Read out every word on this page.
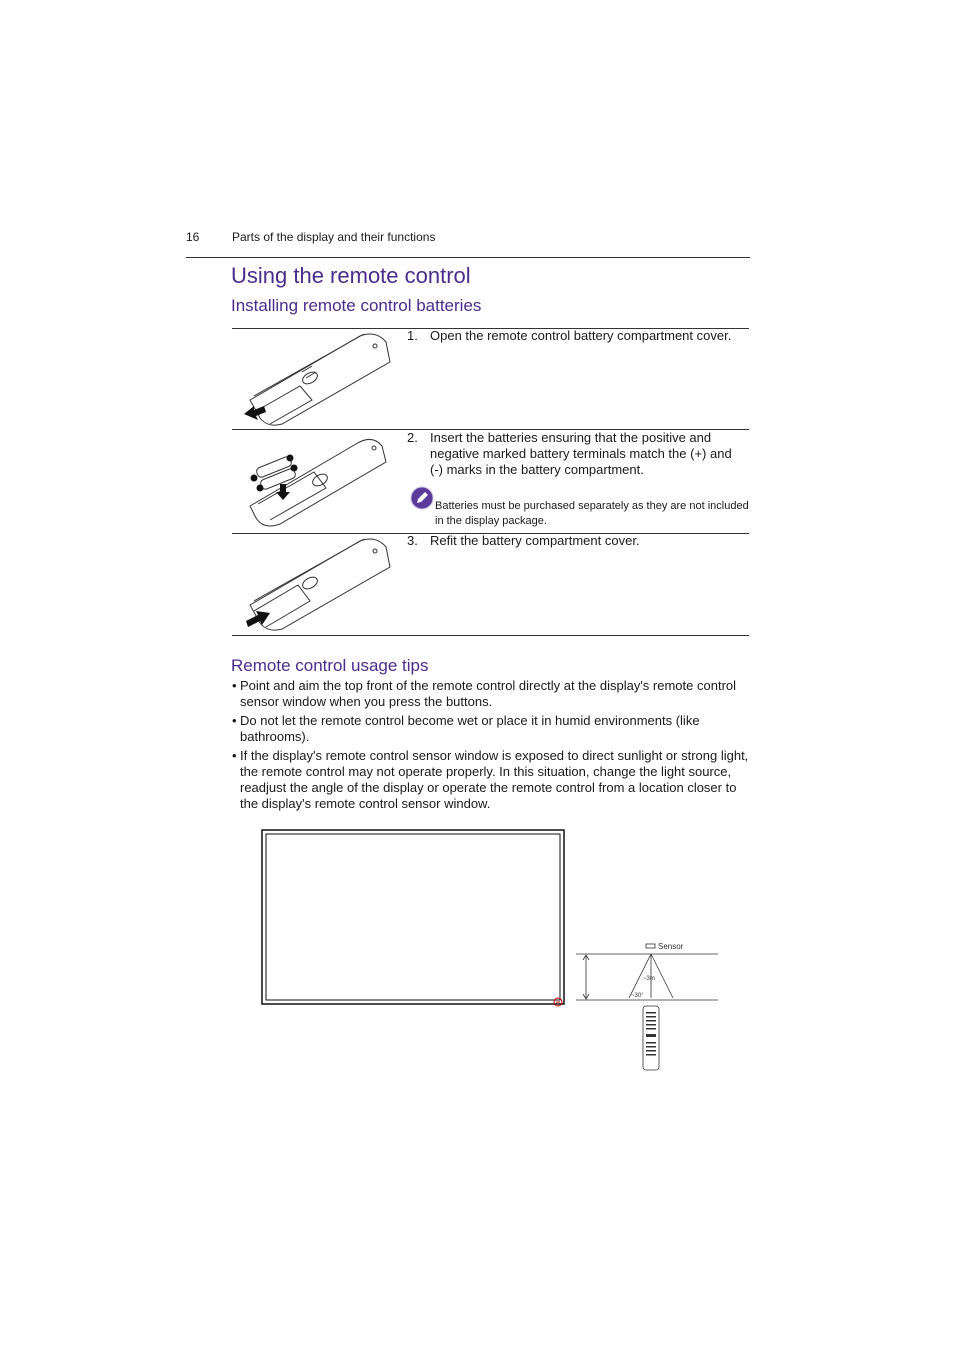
16	Parts of the display and their functions
Using the remote control
Installing remote control batteries
1. Open the remote control battery compartment cover.
2. Insert the batteries ensuring that the positive and negative marked battery terminals match the (+) and (-) marks in the battery compartment.
Batteries must be purchased separately as they are not included in the display package.
3. Refit the battery compartment cover.
Remote control usage tips
• Point and aim the top front of the remote control directly at the display's remote control sensor window when you press the buttons.
• Do not let the remote control become wet or place it in humid environments (like bathrooms).
• If the display's remote control sensor window is exposed to direct sunlight or strong light, the remote control may not operate properly. In this situation, change the light source, readjust the angle of the display or operate the remote control from a location closer to the display's remote control sensor window.
Sensor
~3m
~30°
